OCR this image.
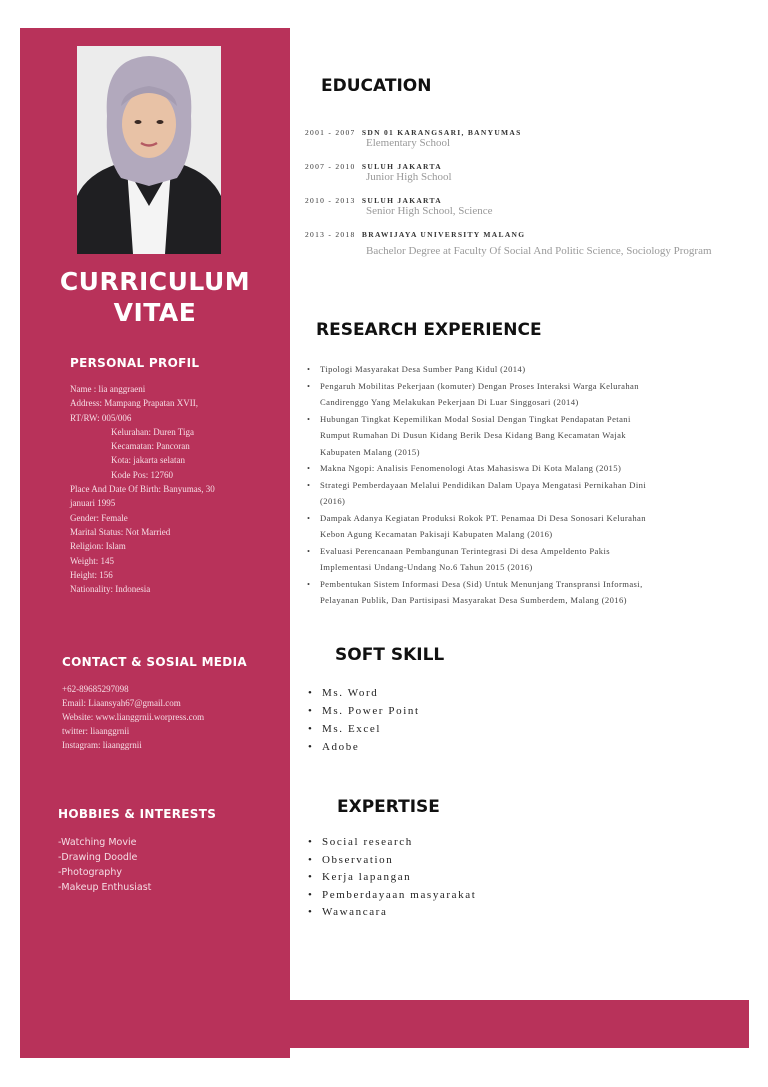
CURRICULUM
VITAE
PERSONAL PROFIL
Name : lia anggraeni
Address: Mampang Prapatan XVII,
RT/RW: 005/006
Kelurahan: Duren Tiga
Kecamatan: Pancoran
Kota: jakarta selatan
Kode Pos: 12760
Place And Date Of Birth: Banyumas, 30
januari 1995
Gender: Female
Marital Status: Not Married
Religion: Islam
Weight: 145
Height: 156
Nationality: Indonesia
CONTACT & SOSIAL MEDIA
+62-89685297098
Email: Liaansyah67@gmail.com
Website: www.lianggrnii.worpress.com
twitter: liaanggrnii
Instagram: liaanggrnii
HOBBIES & INTERESTS
-Watching Movie
-Drawing Doodle
-Photography
-Makeup Enthusiast
EDUCATION
2001 - 2007 SDN 01 KARANGSARI, BANYUMAS
Elementary School
2007 - 2010 SULUH JAKARTA
Junior High School
2010 - 2013 SULUH JAKARTA
Senior High School, Science
2013 - 2018 BRAWIJAYA UNIVERSITY MALANG
Bachelor Degree at Faculty Of Social And Politic Science, Sociology Program
RESEARCH EXPERIENCE
• Tipologi Masyarakat Desa Sumber Pang Kidul (2014)
• Pengaruh Mobilitas Pekerjaan (komuter) Dengan Proses Interaksi Warga Kelurahan
Candirenggo Yang Melakukan Pekerjaan Di Luar Singgosari (2014)
• Hubungan Tingkat Kepemilikan Modal Sosial Dengan Tingkat Pendapatan Petani
Rumput Rumahan Di Dusun Kidang Berik Desa Kidang Bang Kecamatan Wajak
Kabupaten Malang (2015)
• Makna Ngopi: Analisis Fenomenologi Atas Mahasiswa Di Kota Malang (2015)
• Strategi Pemberdayaan Melalui Pendidikan Dalam Upaya Mengatasi Pernikahan Dini
(2016)
• Dampak Adanya Kegiatan Produksi Rokok PT. Penamaa Di Desa Sonosari Kelurahan
Kebon Agung Kecamatan Pakisaji Kabupaten Malang (2016)
• Evaluasi Perencanaan Pembangunan Terintegrasi Di desa Ampeldento Pakis
Implementasi Undang-Undang No.6 Tahun 2015 (2016)
• Pembentukan Sistem Informasi Desa (Sid) Untuk Menunjang Transpransi Informasi,
Pelayanan Publik, Dan Partisipasi Masyarakat Desa Sumberdem, Malang (2016)
SOFT SKILL
• Ms. Word
• Ms. Power Point
• Ms. Excel
• Adobe
EXPERTISE
• Social research
• Observation
• Kerja lapangan
• Pemberdayaan masyarakat
• Wawancara
